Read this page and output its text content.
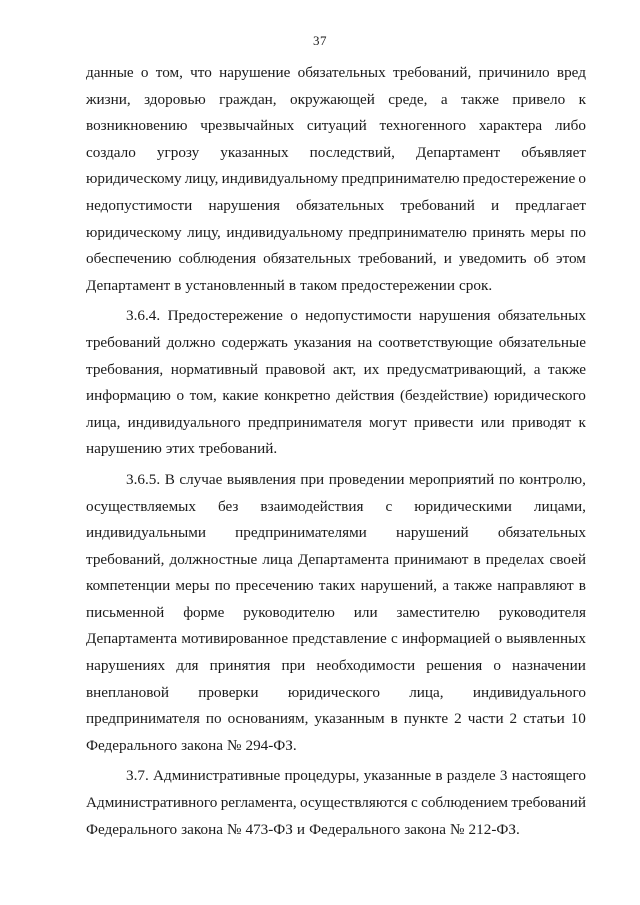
37
данные о том, что нарушение обязательных требований, причинило вред
жизни, здоровью граждан, окружающей среде, а также привело к
возникновению чрезвычайных ситуаций техногенного характера либо
создало угрозу указанных последствий, Департамент объявляет
юридическому лицу, индивидуальному предпринимателю предостережение о
недопустимости нарушения обязательных требований и предлагает
юридическому лицу, индивидуальному предпринимателю принять меры по
обеспечению соблюдения обязательных требований, и уведомить об этом
Департамент в установленный в таком предостережении срок.
3.6.4. Предостережение о недопустимости нарушения обязательных
требований должно содержать указания на соответствующие обязательные
требования, нормативный правовой акт, их предусматривающий, а также
информацию о том, какие конкретно действия (бездействие) юридического
лица, индивидуального предпринимателя могут привести или приводят к
нарушению этих требований.
3.6.5. В случае выявления при проведении мероприятий по контролю,
осуществляемых без взаимодействия с юридическими лицами,
индивидуальными предпринимателями нарушений обязательных
требований, должностные лица Департамента принимают в пределах своей
компетенции меры по пресечению таких нарушений, а также направляют в
письменной форме руководителю или заместителю руководителя
Департамента мотивированное представление с информацией о выявленных
нарушениях для принятия при необходимости решения о назначении
внеплановой проверки юридического лица, индивидуального
предпринимателя по основаниям, указанным в пункте 2 части 2 статьи 10
Федерального закона № 294-ФЗ.
3.7. Административные процедуры, указанные в разделе 3 настоящего
Административного регламента, осуществляются с соблюдением требований
Федерального закона № 473-ФЗ и Федерального закона № 212-ФЗ.
